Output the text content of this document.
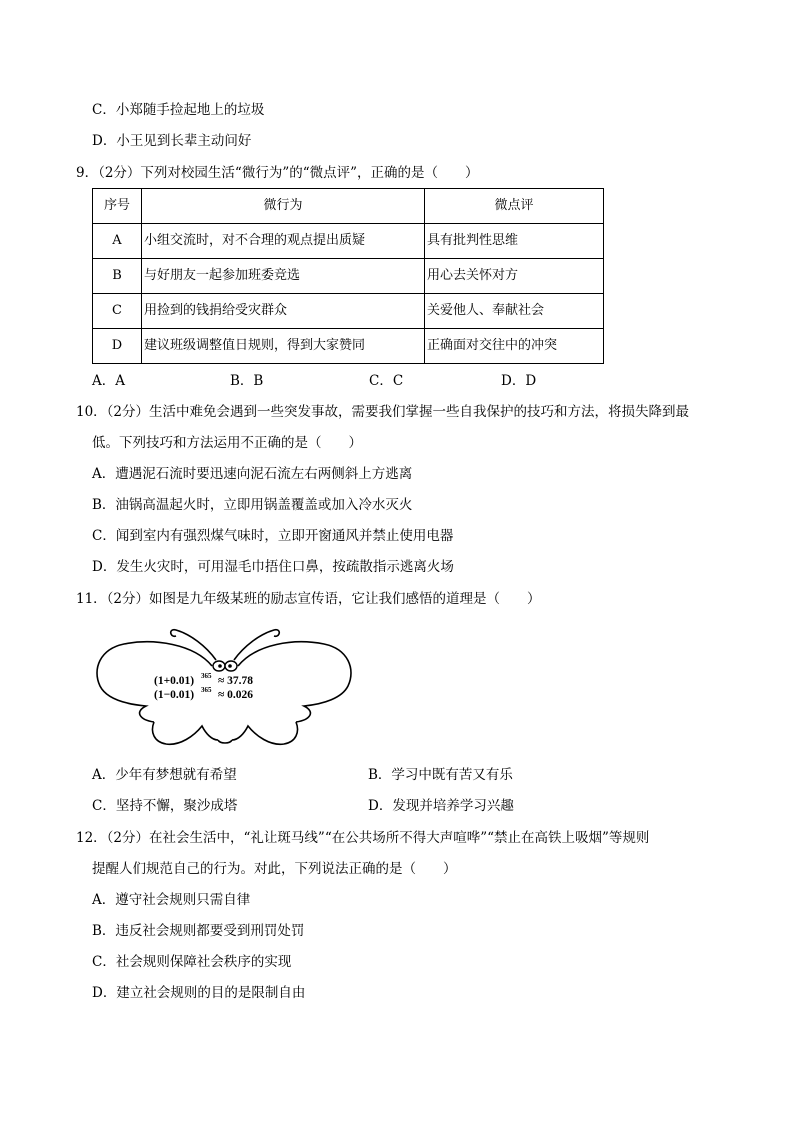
C．小郑随手捡起地上的垃圾
D．小王见到长辈主动问好
9．（2分）下列对校园生活“微行为”的“微点评”，正确的是（　　）
序号	微行为	微点评
A	小组交流时，对不合理的观点提出质疑	具有批判性思维
B	与好朋友一起参加班委竞选	用心去关怀对方
C	用捡到的钱捐给受灾群众	关爱他人、奉献社会
D	建议班级调整值日规则，得到大家赞同	正确面对交往中的冲突
A．A	B．B	C．C	D．D
10．（2分）生活中难免会遇到一些突发事故，需要我们掌握一些自我保护的技巧和方法，将损失降到最
低。下列技巧和方法运用不正确的是（　　）
A．遭遇泥石流时要迅速向泥石流左右两侧斜上方逃离
B．油锅高温起火时，立即用锅盖覆盖或加入冷水灭火
C．闻到室内有强烈煤气味时，立即开窗通风并禁止使用电器
D．发生火灾时，可用湿毛巾捂住口鼻，按疏散指示逃离火场
11．（2分）如图是九年级某班的励志宣传语，它让我们感悟的道理是（　　）
(1+0.01) 365 ≈ 37.78
(1−0.01) 365 ≈ 0.026
A．少年有梦想就有希望	B．学习中既有苦又有乐
C．坚持不懈，聚沙成塔	D．发现并培养学习兴趣
12．（2分）在社会生活中，“礼让斑马线”“在公共场所不得大声喧哗”“禁止在高铁上吸烟”等规则
提醒人们规范自己的行为。对此，下列说法正确的是（　　）
A．遵守社会规则只需自律
B．违反社会规则都要受到刑罚处罚
C．社会规则保障社会秩序的实现
D．建立社会规则的目的是限制自由
